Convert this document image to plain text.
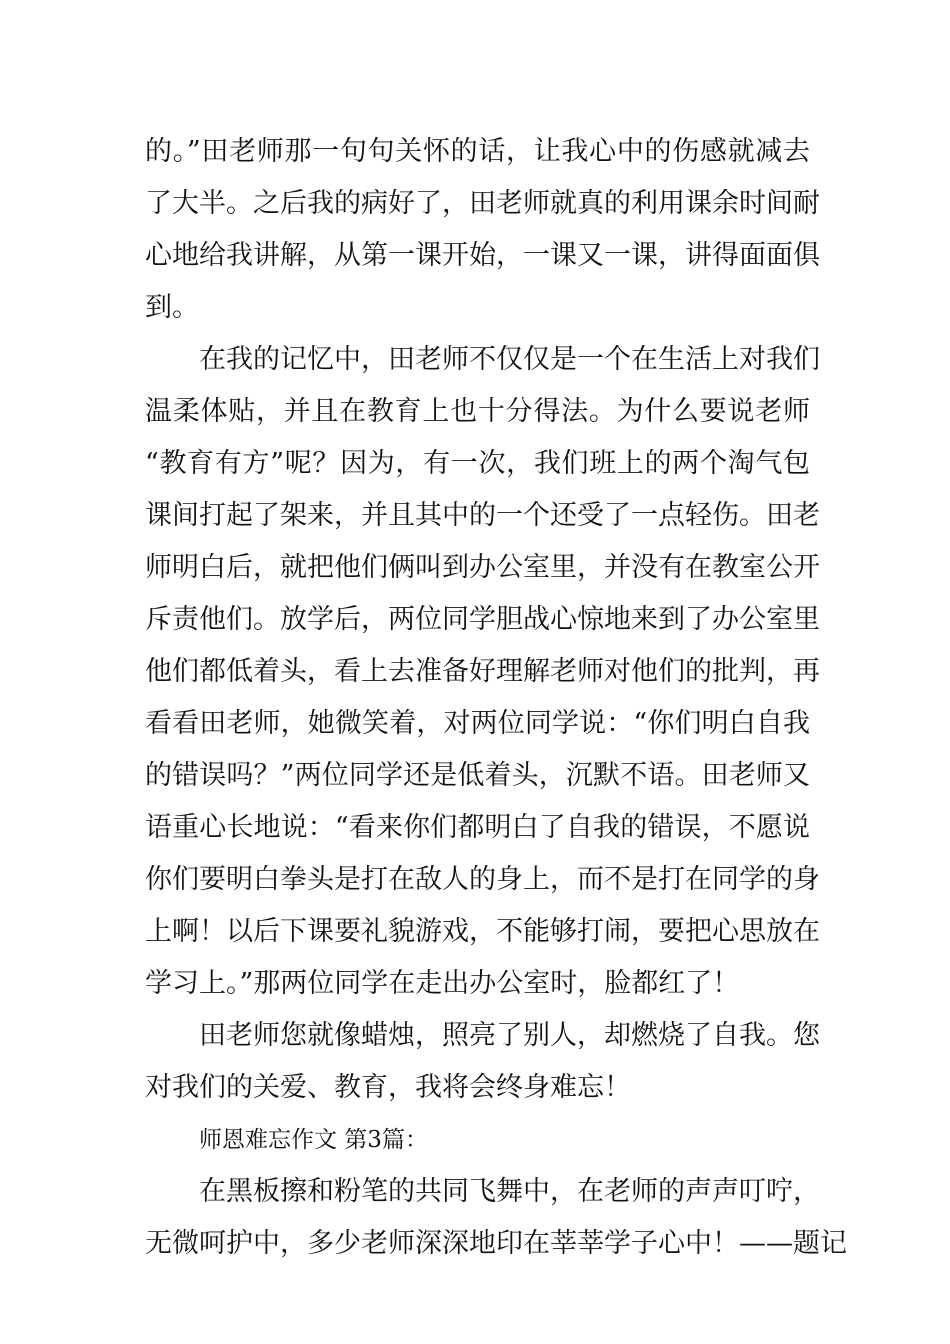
的。”田老师那一句句关怀的话，让我心中的伤感就减去
了大半。之后我的病好了，田老师就真的利用课余时间耐
心地给我讲解，从第一课开始，一课又一课，讲得面面俱
到。
在我的记忆中，田老师不仅仅是一个在生活上对我们
温柔体贴，并且在教育上也十分得法。为什么要说老师
“教育有方”呢？因为，有一次，我们班上的两个淘气包
课间打起了架来，并且其中的一个还受了一点轻伤。田老
师明白后，就把他们俩叫到办公室里，并没有在教室公开
斥责他们。放学后，两位同学胆战心惊地来到了办公室里
他们都低着头，看上去准备好理解老师对他们的批判，再
看看田老师，她微笑着，对两位同学说：“你们明白自我
的错误吗？”两位同学还是低着头，沉默不语。田老师又
语重心长地说：“看来你们都明白了自我的错误，不愿说
你们要明白拳头是打在敌人的身上，而不是打在同学的身
上啊！以后下课要礼貌游戏，不能够打闹，要把心思放在
学习上。”那两位同学在走出办公室时，脸都红了！
田老师您就像蜡烛，照亮了别人，却燃烧了自我。您
对我们的关爱、教育，我将会终身难忘！
师恩难忘作文 第3篇：
在黑板擦和粉笔的共同飞舞中，在老师的声声叮咛，
无微呵护中，多少老师深深地印在莘莘学子心中！——题记
